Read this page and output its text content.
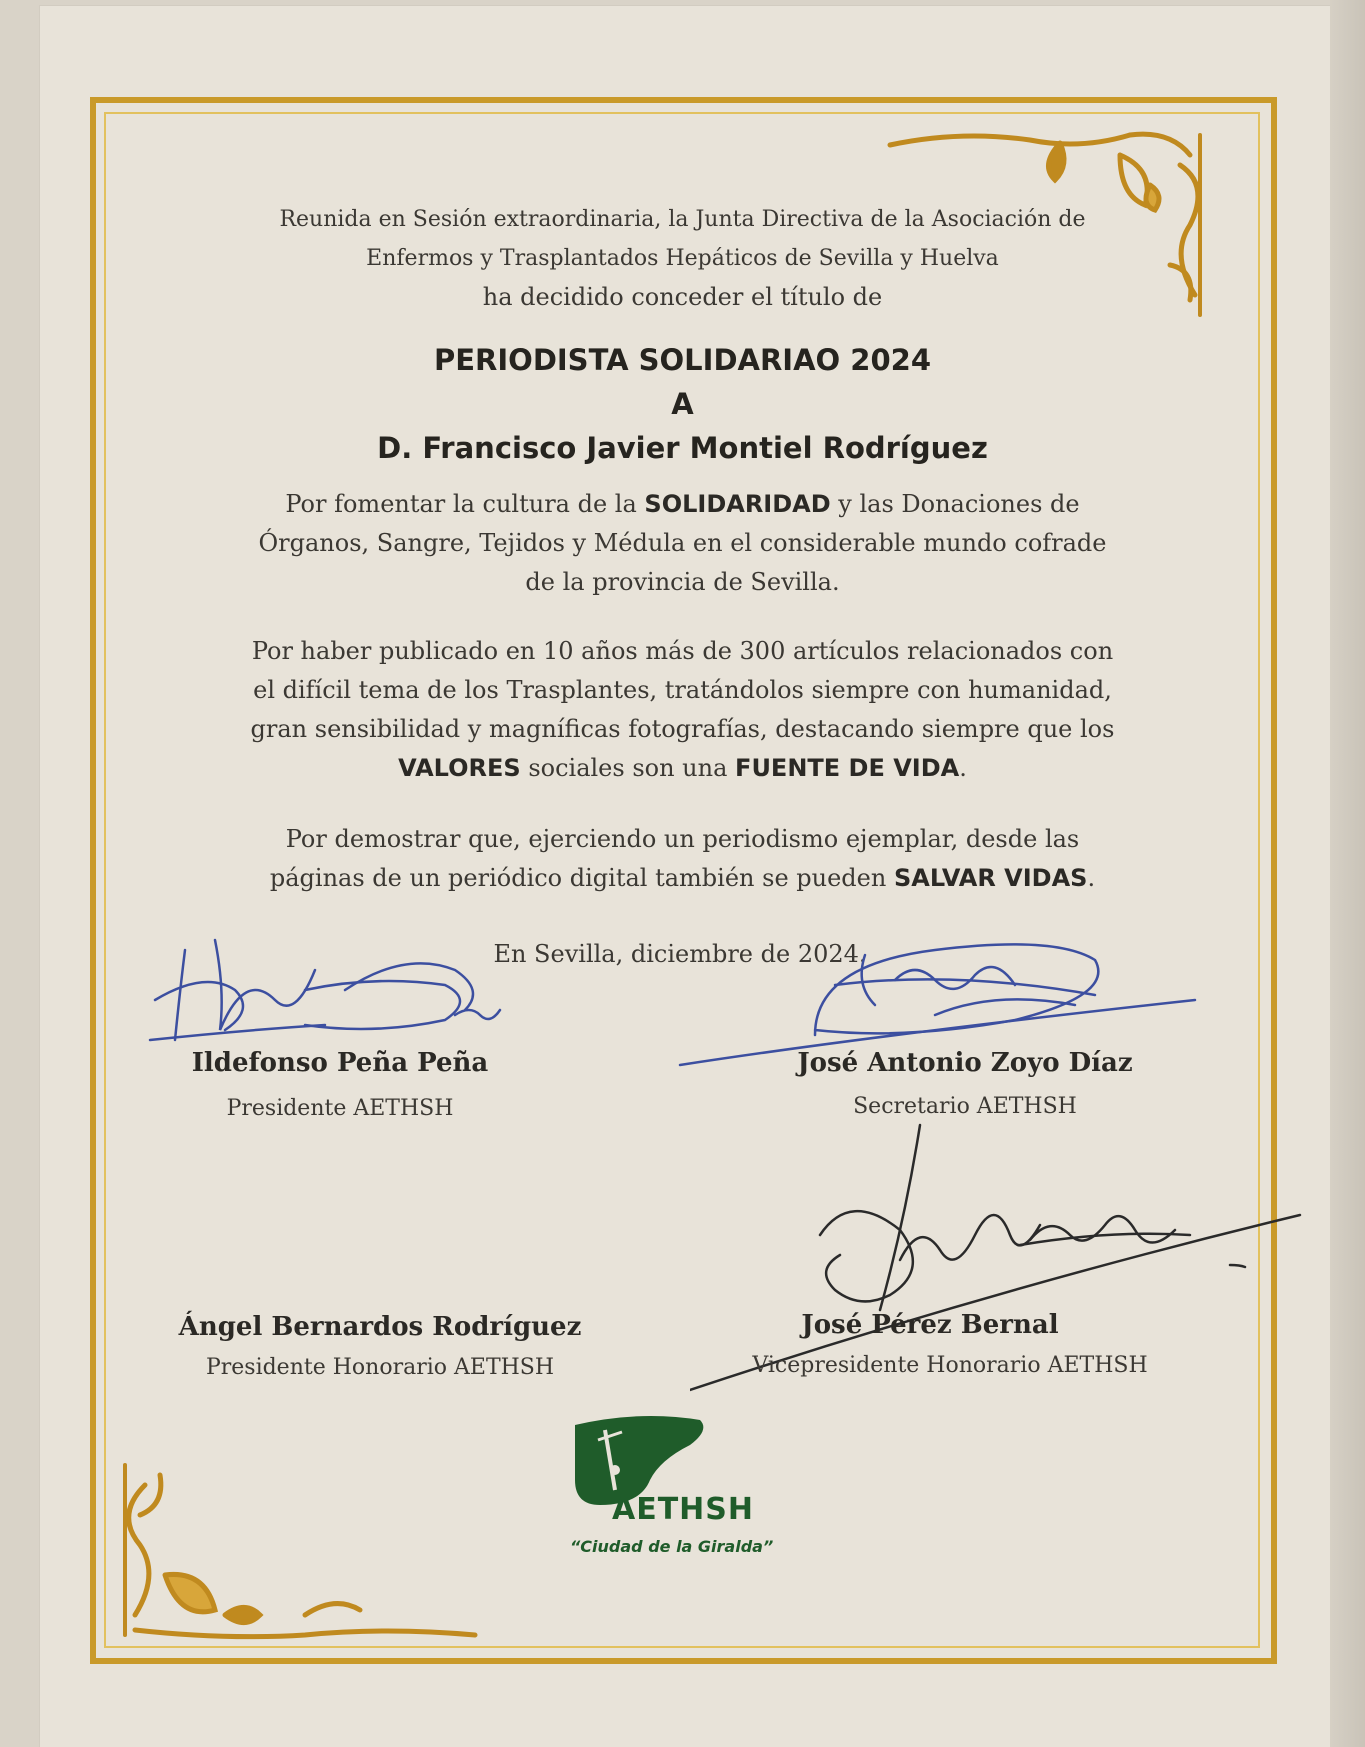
Reunida en Sesión extraordinaria, la Junta Directiva de la Asociación de
Enfermos y Trasplantados Hepáticos de Sevilla y Huelva
ha decidido conceder el título de
PERIODISTA SOLIDARIAO 2024
A
D. Francisco Javier Montiel Rodríguez
Por fomentar la cultura de la SOLIDARIDAD y las Donaciones de
Órganos, Sangre, Tejidos y Médula en el considerable mundo cofrade
de la provincia de Sevilla.
Por haber publicado en 10 años más de 300 artículos relacionados con
el difícil tema de los Trasplantes, tratándolos siempre con humanidad,
gran sensibilidad y magníficas fotografías, destacando siempre que los
VALORES sociales son una FUENTE DE VIDA.
Por demostrar que, ejerciendo un periodismo ejemplar, desde las
páginas de un periódico digital también se pueden SALVAR VIDAS.
En Sevilla, diciembre de 2024.
Ildefonso Peña Peña
Presidente AETHSH
José Antonio Zoyo Díaz
Secretario AETHSH
Ángel Bernardos Rodríguez
Presidente Honorario AETHSH
José Pérez Bernal
Vicepresidente Honorario AETHSH
AETHSH
“Ciudad de la Giralda”
